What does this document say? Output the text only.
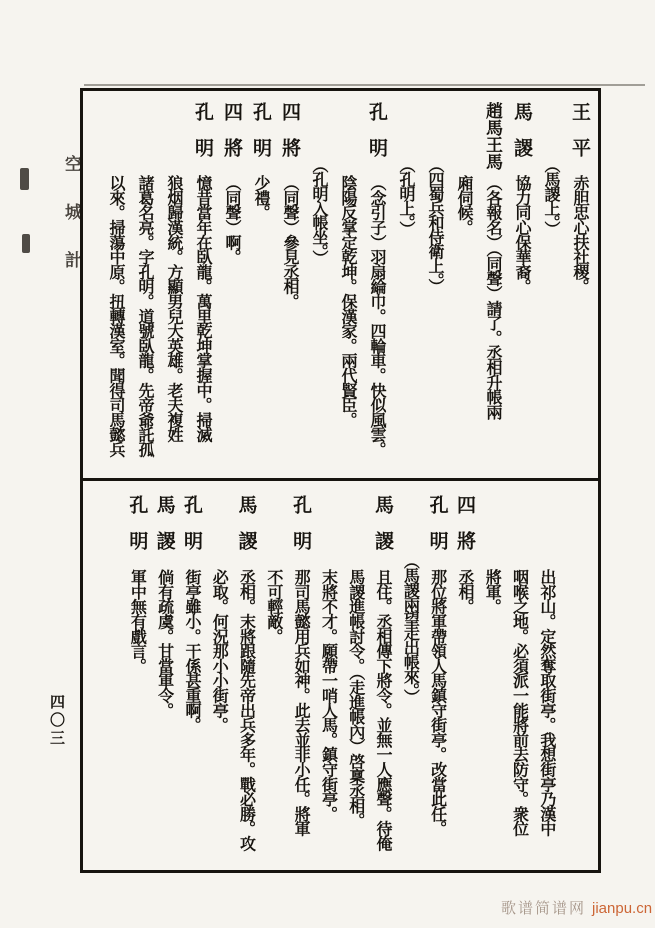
空城計
王平
赤胆忠心扶社稷。
（馬謖上。）
馬謖
協力同心保華裔。
趙馬王馬
（各報名）（同聲）請了。丞相升帳兩
廂伺候。
（四蜀兵和侍衛上。）
（孔明上。）
孔明
（念引子）羽扇綸巾。四輪車。快似風雲。
陰陽反掌定乾坤。保漢家。兩代賢臣。
（孔明入帳坐。）
四將
（同聲）參見丞相。
孔明
少禮。
四將
（同聲）啊。
孔明
憶昔當年在臥龍。萬里乾坤掌握中。掃滅
狼烟歸漢統。方顯男兒大英雄。老夫複姓
諸葛名亮。字孔明。道號臥龍。先帝爺託孤
以來。掃蕩中原。扭轉漢室。聞得司馬懿兵
出祁山。定然奪取街亭。我想街亭乃漢中
咽喉之地。必須派一能將前去防守。衆位
將軍。
四將
丞相。
孔明
那位將軍帶領人馬鎮守街亭。改當此任。
（馬謖兩望走出帳來。）
馬謖
且住。丞相傳下將令。並無一人應聲。待俺
馬謖進帳討令。（走進帳內）啓稟丞相。
末將不才。願帶一哨人馬。鎮守街亭。
孔明
那司馬懿用兵如神。此去並非小任。將軍
不可輕敵。
馬謖
丞相。末將跟隨先帝出兵多年。戰必勝。攻
必取。何況那小小街亭。
孔明
街亭雖小。干係甚重啊。
馬謖
倘有疏虞。甘當軍令。
孔明
軍中無有戲言。
四〇三
歌谱简谱网 jianpu.cn
